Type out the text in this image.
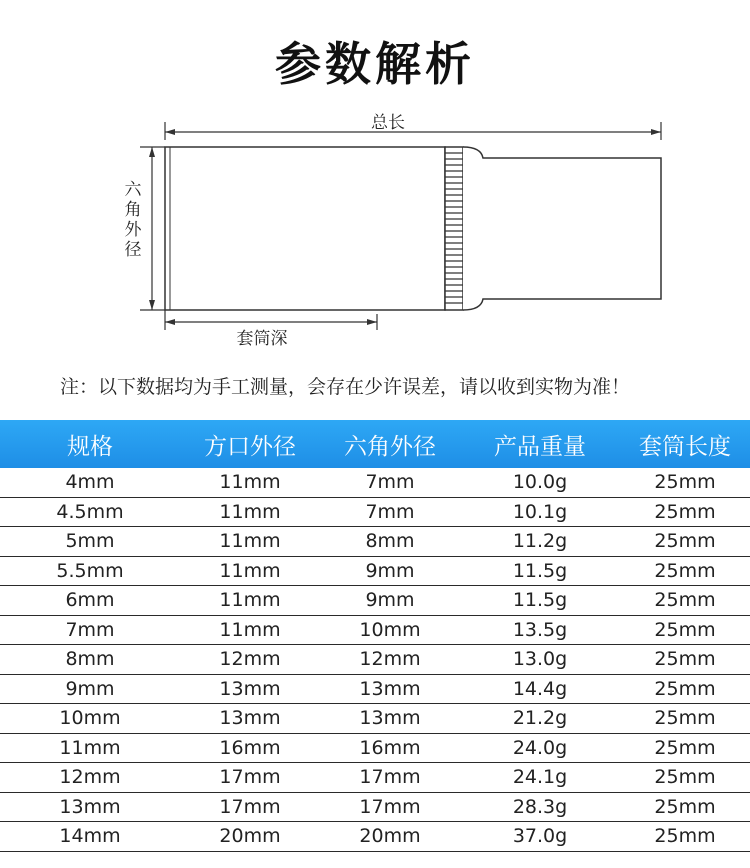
参数解析
总长
六
角
外
径
套筒深
注：以下数据均为手工测量，会存在少许误差，请以收到实物为准！
规格	方口外径	六角外径	产品重量	套筒长度
4mm	11mm	7mm	10.0g	25mm
4.5mm	11mm	7mm	10.1g	25mm
5mm	11mm	8mm	11.2g	25mm
5.5mm	11mm	9mm	11.5g	25mm
6mm	11mm	9mm	11.5g	25mm
7mm	11mm	10mm	13.5g	25mm
8mm	12mm	12mm	13.0g	25mm
9mm	13mm	13mm	14.4g	25mm
10mm	13mm	13mm	21.2g	25mm
11mm	16mm	16mm	24.0g	25mm
12mm	17mm	17mm	24.1g	25mm
13mm	17mm	17mm	28.3g	25mm
14mm	20mm	20mm	37.0g	25mm
